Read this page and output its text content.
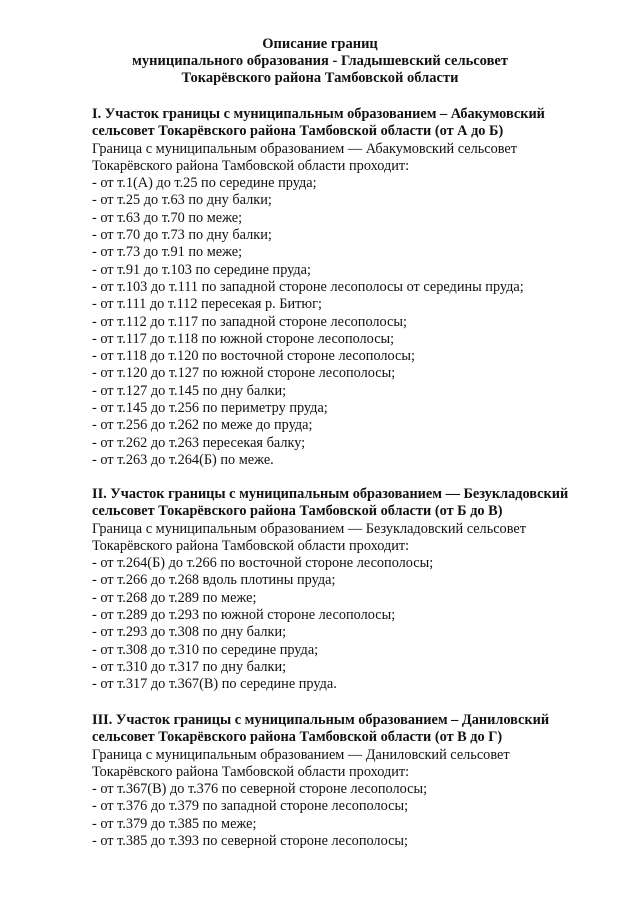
Описание границ
муниципального образования - Гладышевский сельсовет
Токарёвского района Тамбовской области
I. Участок границы с муниципальным образованием – Абакумовский
сельсовет Токарёвского района Тамбовской области (от А до Б)
Граница с муниципальным образованием — Абакумовский сельсовет
Токарёвского района Тамбовской области проходит:
- от т.1(А) до т.25 по середине пруда;
- от т.25 до т.63 по дну балки;
- от т.63 до т.70 по меже;
- от т.70 до т.73 по дну балки;
- от т.73 до т.91 по меже;
- от т.91 до т.103 по середине пруда;
- от т.103 до т.111 по западной стороне лесополосы от середины пруда;
- от т.111 до т.112 пересекая р. Битюг;
- от т.112 до т.117 по западной стороне лесополосы;
- от т.117 до т.118 по южной стороне лесополосы;
- от т.118 до т.120 по восточной стороне лесополосы;
- от т.120 до т.127 по южной стороне лесополосы;
- от т.127 до т.145 по дну балки;
- от т.145 до т.256 по периметру пруда;
- от т.256 до т.262 по меже до пруда;
- от т.262 до т.263 пересекая балку;
- от т.263 до т.264(Б) по меже.
II. Участок границы с муниципальным образованием — Безукладовский
сельсовет Токарёвского района Тамбовской области (от Б до В)
Граница с муниципальным образованием — Безукладовский сельсовет
Токарёвского района Тамбовской области проходит:
- от т.264(Б) до т.266 по восточной стороне лесополосы;
- от т.266 до т.268 вдоль плотины пруда;
- от т.268 до т.289 по меже;
- от т.289 до т.293 по южной стороне лесополосы;
- от т.293 до т.308 по дну балки;
- от т.308 до т.310 по середине пруда;
- от т.310 до т.317 по дну балки;
- от т.317 до т.367(В) по середине пруда.
III. Участок границы с муниципальным образованием – Даниловский
сельсовет Токарёвского района Тамбовской области (от В до Г)
Граница с муниципальным образованием — Даниловский сельсовет
Токарёвского района Тамбовской области проходит:
- от т.367(В) до т.376 по северной стороне лесополосы;
- от т.376 до т.379 по западной стороне лесополосы;
- от т.379 до т.385 по меже;
- от т.385 до т.393 по северной стороне лесополосы;
